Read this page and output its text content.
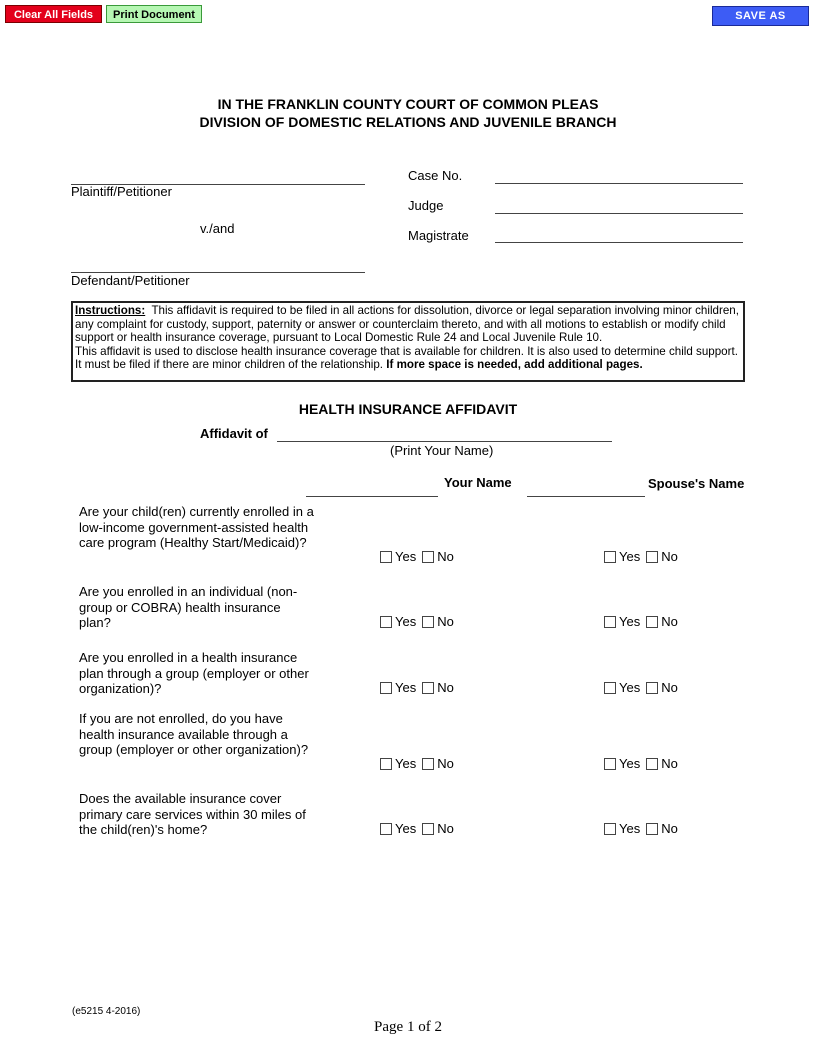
Clear All Fields	Print Document	SAVE AS
IN THE FRANKLIN COUNTY COURT OF COMMON PLEAS
DIVISION OF DOMESTIC RELATIONS AND JUVENILE BRANCH
Plaintiff/Petitioner
v./and
Defendant/Petitioner
Case No.
Judge
Magistrate
Instructions: This affidavit is required to be filed in all actions for dissolution, divorce or legal separation involving minor children, any complaint for custody, support, paternity or answer or counterclaim thereto, and with all motions to establish or modify child support or health insurance coverage, pursuant to Local Domestic Rule 24 and Local Juvenile Rule 10.
This affidavit is used to disclose health insurance coverage that is available for children. It is also used to determine child support. It must be filed if there are minor children of the relationship. If more space is needed, add additional pages.
HEALTH INSURANCE AFFIDAVIT
Affidavit of
(Print Your Name)
Your Name	Spouse's Name
Are your child(ren) currently enrolled in a low-income government-assisted health care program (Healthy Start/Medicaid)?
Yes No	Yes No
Are you enrolled in an individual (non-group or COBRA) health insurance plan?	Yes No	Yes No
Are you enrolled in a health insurance plan through a group (employer or other organization)?	Yes No	Yes No
If you are not enrolled, do you have health insurance available through a group (employer or other organization)?
Yes No	Yes No
Does the available insurance cover primary care services within 30 miles of the child(ren)'s home?	Yes No	Yes No
(e5215 4-2016)
Page 1 of 2
